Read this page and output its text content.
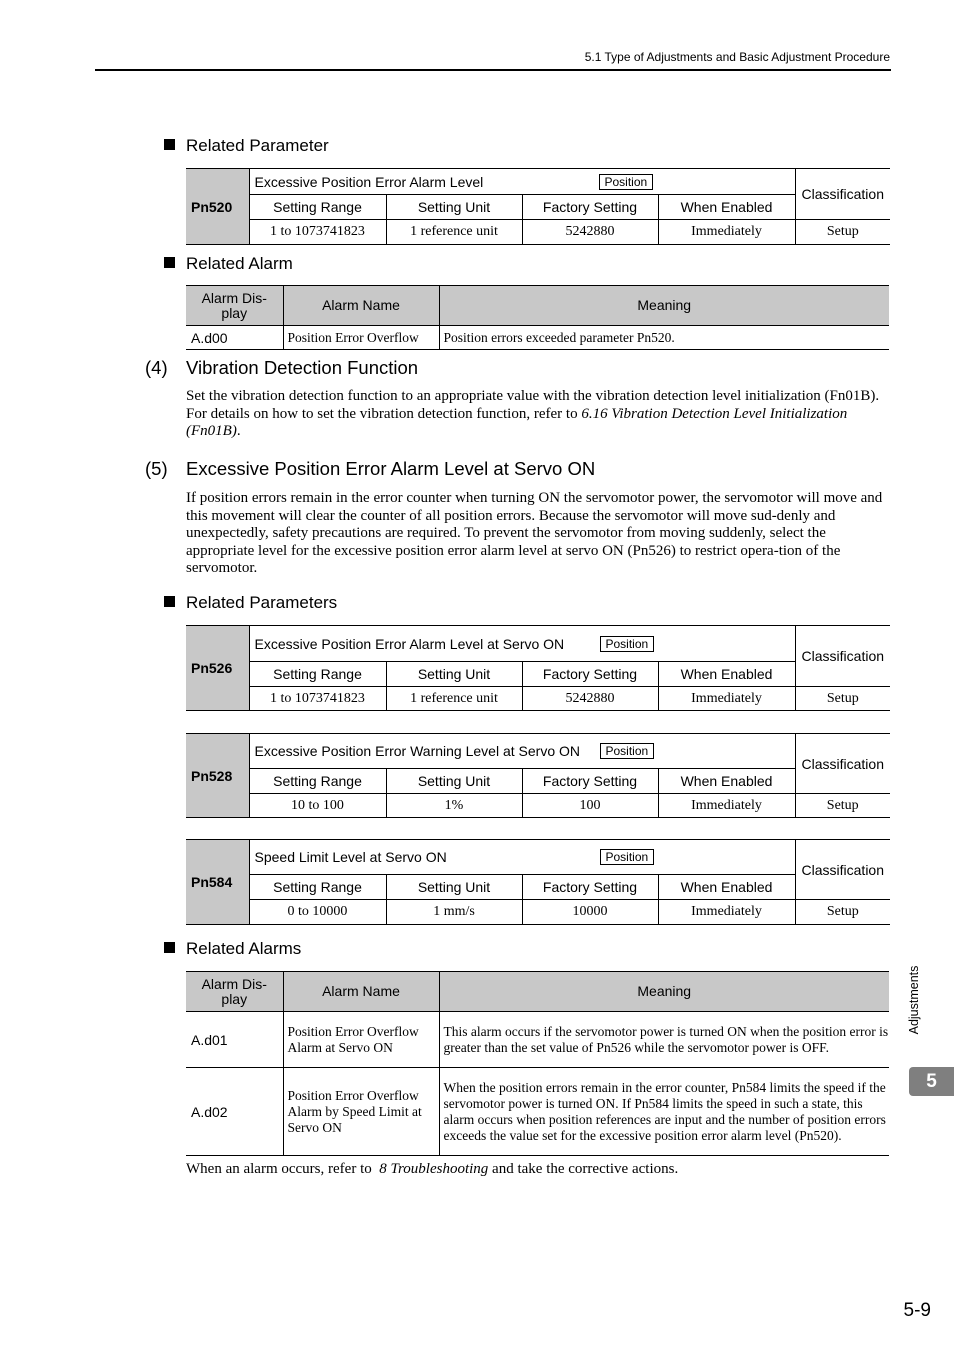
5.1 Type of Adjustments and Basic Adjustment Procedure
Related Parameter
Pn520	Excessive Position Error Alarm Level Position				Classification
	Setting Range	Setting Unit	Factory Setting	When Enabled	
	1 to 1073741823	1 reference unit	5242880	Immediately	Setup
Related Alarm
Alarm Dis-
play	Alarm Name	Meaning
A.d00	Position Error Overflow	Position errors exceeded parameter Pn520.
(4) Vibration Detection Function
Set the vibration detection function to an appropriate value with the vibration detection level initialization (Fn01B). For details on how to set the vibration detection function, refer to 6.16 Vibration Detection Level Initialization (Fn01B).
(5) Excessive Position Error Alarm Level at Servo ON
If position errors remain in the error counter when turning ON the servomotor power, the servomotor will move and this movement will clear the counter of all position errors. Because the servomotor will move sud-denly and unexpectedly, safety precautions are required. To prevent the servomotor from moving suddenly, select the appropriate level for the excessive position error alarm level at servo ON (Pn526) to restrict opera-tion of the servomotor.
Related Parameters
Pn526	Excessive Position Error Alarm Level at Servo ON Position				Classification
	Setting Range	Setting Unit	Factory Setting	When Enabled	
	1 to 1073741823	1 reference unit	5242880	Immediately	Setup
Pn528	Excessive Position Error Warning Level at Servo ON Position				Classification
	Setting Range	Setting Unit	Factory Setting	When Enabled	
	10 to 100	1%	100	Immediately	Setup
Pn584	Speed Limit Level at Servo ON Position				Classification
	Setting Range	Setting Unit	Factory Setting	When Enabled	
	0 to 10000	1 mm/s	10000	Immediately	Setup
Related Alarms
Alarm Dis-
play	Alarm Name	Meaning
A.d01	Position Error Overflow Alarm at Servo ON	This alarm occurs if the servomotor power is turned ON when the position error is greater than the set value of Pn526 while the servomotor power is OFF.
A.d02	Position Error Overflow Alarm by Speed Limit at Servo ON	When the position errors remain in the error counter, Pn584 limits the speed if the servomotor power is turned ON. If Pn584 limits the speed in such a state, this alarm occurs when position references are input and the number of position errors exceeds the value set for the excessive position error alarm level (Pn520).
When an alarm occurs, refer to  8 Troubleshooting and take the corrective actions.
Adjustments
5
5-9
